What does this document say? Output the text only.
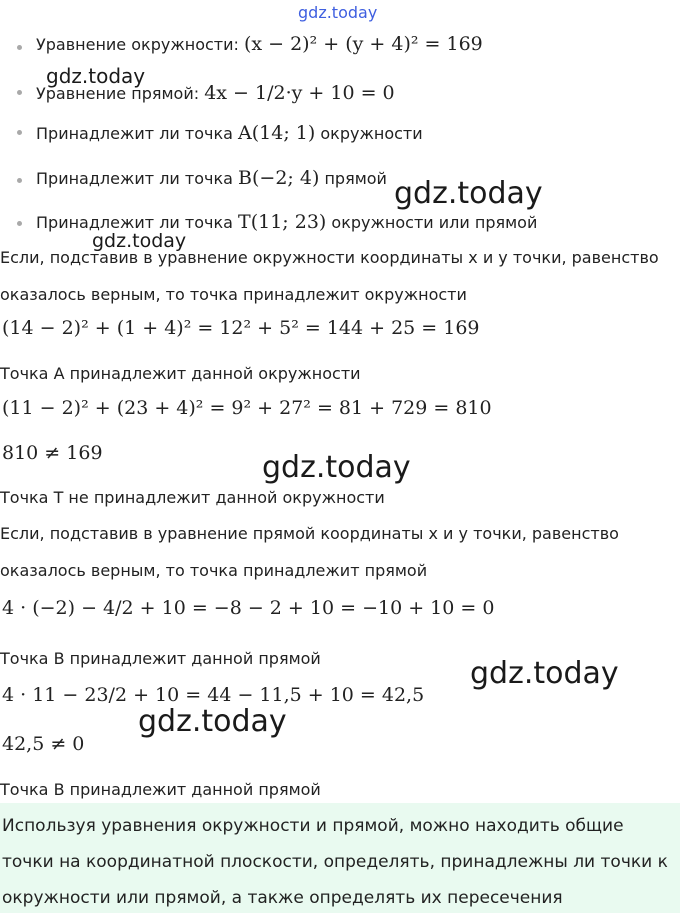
gdz.today
gdz.today
gdz.today
gdz.today
gdz.today
gdz.today
gdz.today
Уравнение окружности: (x − 2)² + (y + 4)² = 169
Уравнение прямой: 4x − 1/2·y + 10 = 0
Принадлежит ли точка A(14; 1) окружности
Принадлежит ли точка B(−2; 4) прямой
Принадлежит ли точка T(11; 23) окружности или прямой
Если, подставив в уравнение окружности координаты x и y точки, равенство
оказалось верным, то точка принадлежит окружности
(14 − 2)² + (1 + 4)² = 12² + 5² = 144 + 25 = 169
Точка A принадлежит данной окружности
(11 − 2)² + (23 + 4)² = 9² + 27² = 81 + 729 = 810
810 ≠ 169
Точка T не принадлежит данной окружности
Если, подставив в уравнение прямой координаты x и y точки, равенство
оказалось верным, то точка принадлежит прямой
4 · (−2) − 4/2 + 10 = −8 − 2 + 10 = −10 + 10 = 0
Точка B принадлежит данной прямой
4 · 11 − 23/2 + 10 = 44 − 11,5 + 10 = 42,5
42,5 ≠ 0
Точка B принадлежит данной прямой
Используя уравнения окружности и прямой, можно находить общие
точки на координатной плоскости, определять, принадлежны ли точки к
окружности или прямой, а также определять их пересечения
